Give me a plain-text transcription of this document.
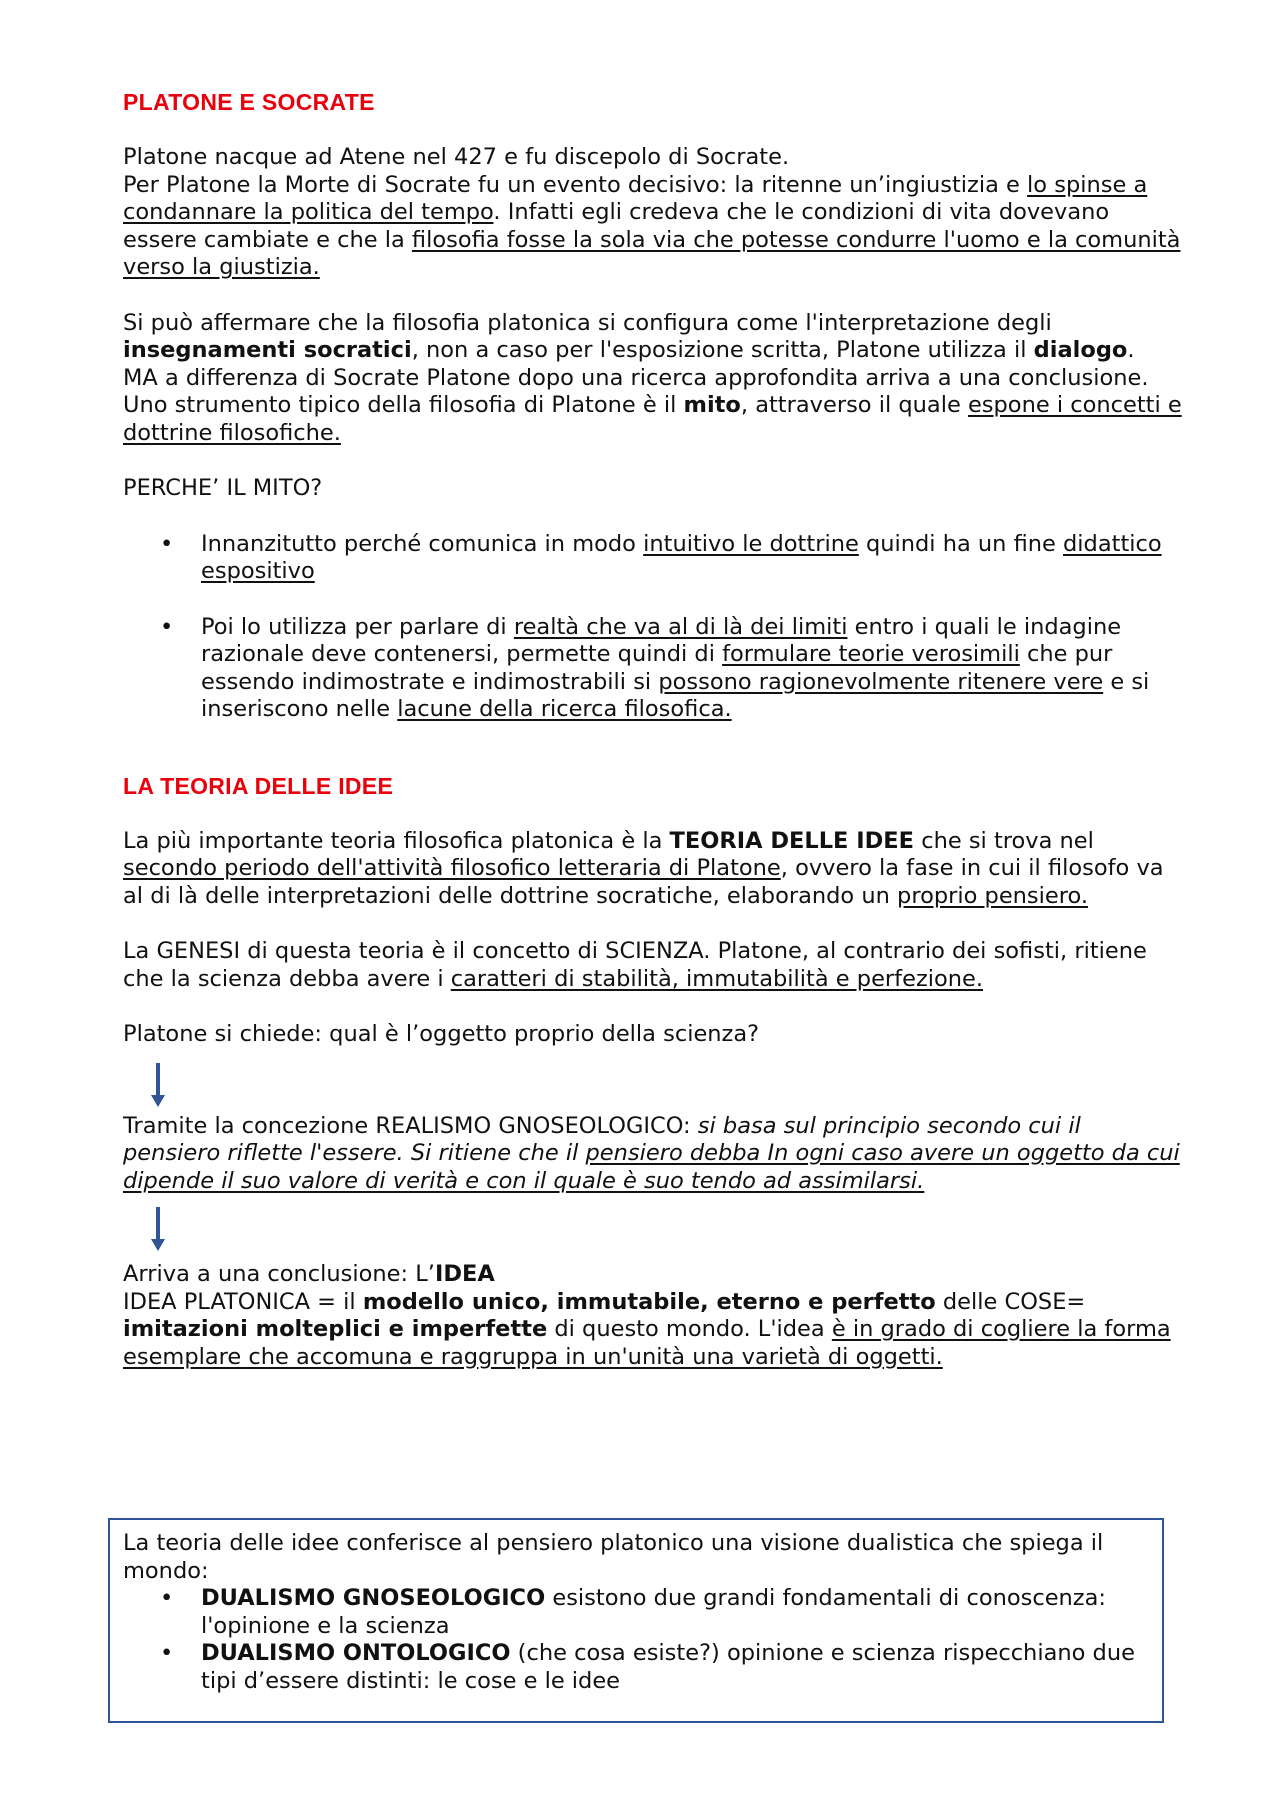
PLATONE E SOCRATE

Platone nacque ad Atene nel 427 e fu discepolo di Socrate.

Per Platone la Morte di Socrate fu un evento decisivo: la ritenne un’ingiustizia e lo spinse a condannare la politica del tempo. Infatti egli credeva che le condizioni di vita dovevano essere cambiate e che la filosofia fosse la sola via che potesse condurre l'uomo e la comunità verso la giustizia.

Si può affermare che la filosofia platonica si configura come l'interpretazione degli insegnamenti socratici, non a caso per l'esposizione scritta, Platone utilizza il dialogo.

MA a differenza di Socrate Platone dopo una ricerca approfondita arriva a una conclusione.

Uno strumento tipico della filosofia di Platone è il mito, attraverso il quale espone i concetti e dottrine filosofiche.

PERCHE’ IL MITO?

• Innanzitutto perché comunica in modo intuitivo le dottrine quindi ha un fine didattico espositivo
• Poi lo utilizza per parlare di realtà che va al di là dei limiti entro i quali le indagine razionale deve contenersi, permette quindi di formulare teorie verosimili che pur essendo indimostrate e indimostrabili si possono ragionevolmente ritenere vere e si inseriscono nelle lacune della ricerca filosofica.
LA TEORIA DELLE IDEE

La più importante teoria filosofica platonica è la TEORIA DELLE IDEE che si trova nel secondo periodo dell'attività filosofico letteraria di Platone, ovvero la fase in cui il filosofo va al di là delle interpretazioni delle dottrine socratiche, elaborando un proprio pensiero.

La GENESI di questa teoria è il concetto di SCIENZA. Platone, al contrario dei sofisti, ritiene che la scienza debba avere i caratteri di stabilità, immutabilità e perfezione.

Platone si chiede: qual è l’oggetto proprio della scienza?

Tramite la concezione REALISMO GNOSEOLOGICO: si basa sul principio secondo cui il pensiero riflette l'essere. Si ritiene che il pensiero debba In ogni caso avere un oggetto da cui dipende il suo valore di verità e con il quale è suo tendo ad assimilarsi.

Arriva a una conclusione: L’IDEA

IDEA PLATONICA = il modello unico, immutabile, eterno e perfetto delle COSE= imitazioni molteplici e imperfette di questo mondo. L'idea è in grado di cogliere la forma esemplare che accomuna e raggruppa in un'unità una varietà di oggetti.

La teoria delle idee conferisce al pensiero platonico una visione dualistica che spiega il mondo:

• DUALISMO GNOSEOLOGICO esistono due grandi fondamentali di conoscenza: l'opinione e la scienza
• DUALISMO ONTOLOGICO (che cosa esiste?) opinione e scienza rispecchiano due tipi d’essere distinti: le cose e le idee
